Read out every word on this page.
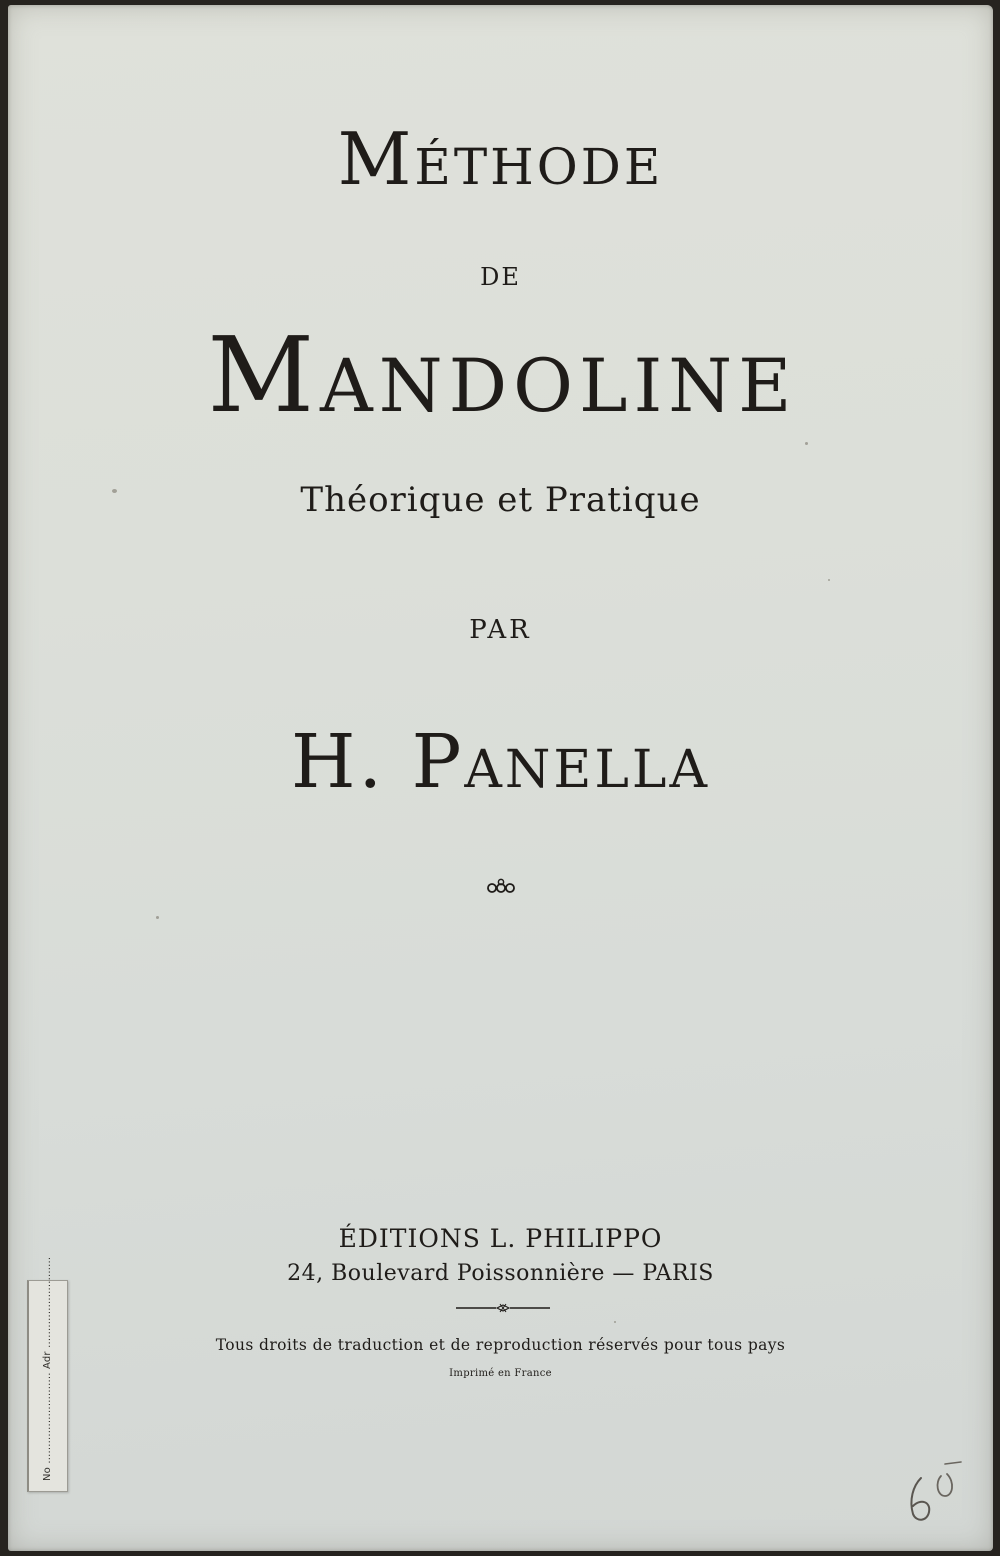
Méthode
de
Mandoline
Théorique et Pratique
PAR
H. Panella
ÉDITIONS L. PHILIPPO
24, Boulevard Poissonnière — PARIS
Tous droits de traduction et de reproduction réservés pour tous pays
Imprimé en France
No ........................... Adr ...........................
